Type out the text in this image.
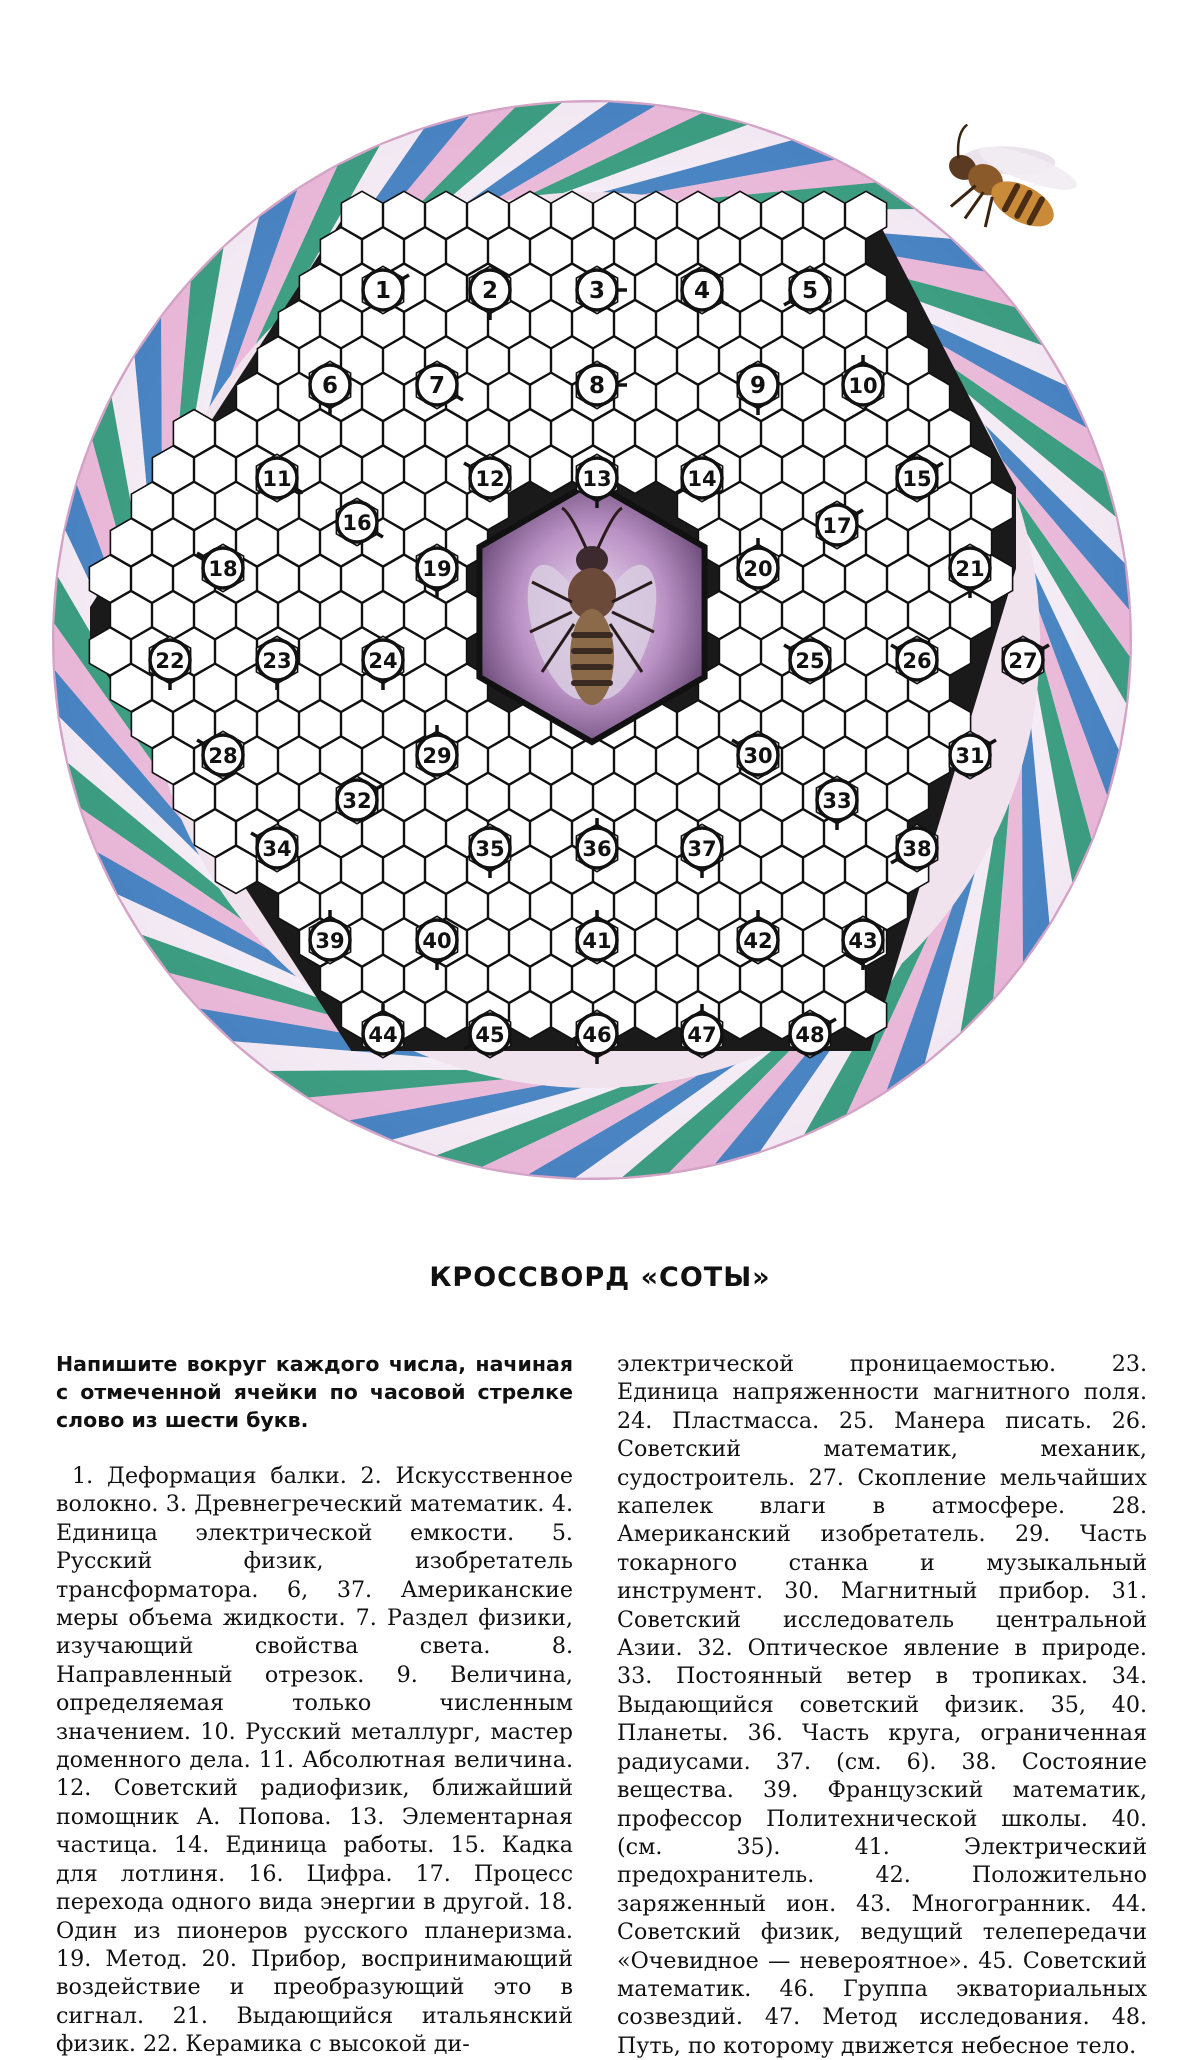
1	2	3	4	5
6	7	8	9	10
11	12	13	14	15
16	17
18	19	20	21
22	23	24	25	26	27
28	29	30	31
32	33
34	35	36	37	38
39	40	41	42	43
44	45	46	47	48
КРОССВОРД «СОТЫ»
Напишите вокруг каждого числа, начиная с отмеченной ячейки по часовой стрелке слово из шести букв.

1. Деформация балки. 2. Искусственное волокно. 3. Древнегреческий математик. 4. Единица электрической емкости. 5. Русский физик, изобретатель трансформатора. 6, 37. Американские меры объема жидкости. 7. Раздел физики, изучающий свойства света. 8. Направленный отрезок. 9. Величина, определяемая только численным значением. 10. Русский металлург, мастер доменного дела. 11. Абсолютная величина. 12. Советский радиофизик, ближайший помощник А. Попова. 13. Элементарная частица. 14. Единица работы. 15. Кадка для лотлиня. 16. Цифра. 17. Процесс перехода одного вида энергии в другой. 18. Один из пионеров русского планеризма. 19. Метод. 20. Прибор, воспринимающий воздействие и преобразующий это в сигнал. 21. Выдающийся итальянский физик. 22. Керамика с высокой ди-

электрической проницаемостью. 23. Единица напряженности магнитного поля. 24. Пластмасса. 25. Манера писать. 26. Советский математик, механик, судостроитель. 27. Скопление мельчайших капелек влаги в атмосфере. 28. Американский изобретатель. 29. Часть токарного станка и музыкальный инструмент. 30. Магнитный прибор. 31. Советский исследователь центральной Азии. 32. Оптическое явление в природе. 33. Постоянный ветер в тропиках. 34. Выдающийся советский физик. 35, 40. Планеты. 36. Часть круга, ограниченная радиусами. 37. (см. 6). 38. Состояние вещества. 39. Французский математик, профессор Политехнической школы. 40. (см. 35). 41. Электрический предохранитель. 42. Положительно заряженный ион. 43. Многогранник. 44. Советский физик, ведущий телепередачи «Очевидное — невероятное». 45. Советский математик. 46. Группа экваториальных созвездий. 47. Метод исследования. 48. Путь, по которому движется небесное тело.
